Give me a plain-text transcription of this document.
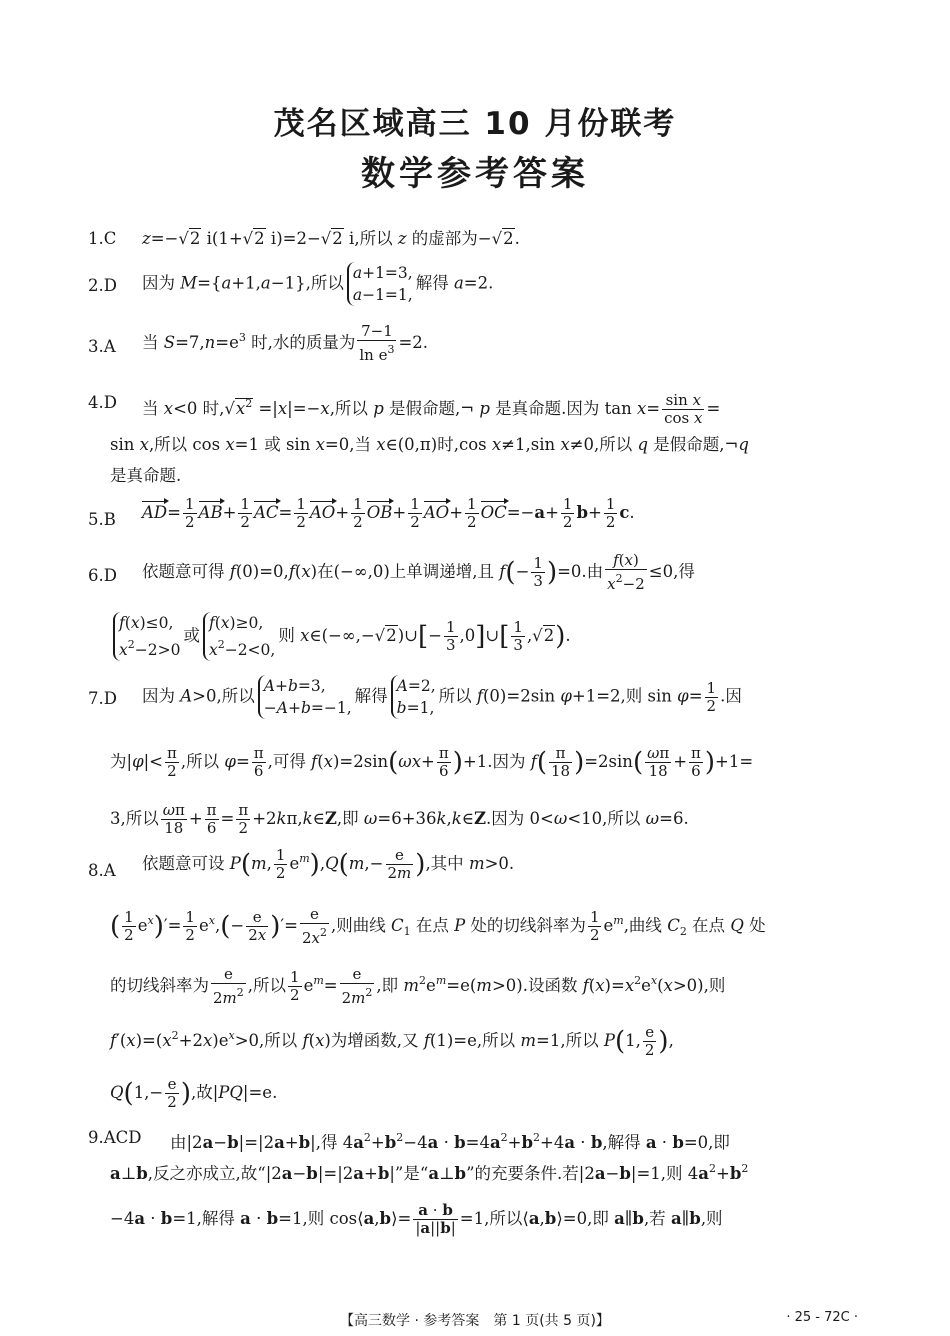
茂名区域高三 10 月份联考
数学参考答案
1.C z=−√2 i(1+√2 i)=2−√2 i,所以 z 的虚部为−√2.
2.D 因为 M={a+1,a−1},所以
a+1=3,
a−1=1,
解得 a=2.
3.A 当 $S=7,n=e^3$ 时,水的质量为 $\frac{7-1}{\ln e^3} =2$.
4.D 当 x<0 时$,√x^2 =|x|=-x$,所以 p 是假命题,¬ p 是真命题.因为 $\tan x= \frac{\text{sin x}}{\text{cos x}}$ =
sin x,所以 cos x=1 或 sin x=0,当 x∈(0,π)时,cos x≠1,sin x≠0,所以 q 是假命题,¬q
是真命题.
5.B $AD= \frac{1}{2} AB+ \frac{1}{2} AC= \frac{1}{2} AO+ \frac{1}{2} OB+ \frac{1}{2} AO+ \frac{1}{2} OC=-a+ \frac{1}{2} b+ \frac{1}{2} c$.
6.D 依题意可得 f(0)=0,f(x)在(−∞,0)上单调递增,且 $f(- \frac{1}{3} )=0$.由 $\frac{f(x)}{x^2-2} \le 0$,得
f(x)≤0,
$x^2-2>0$
或
f(x)≥0,
$x^2-2<0$,
则 x∈(−∞,−√2)∪[− $\frac{1}{3}$ ,0]∪[ $\frac{1}{3} ,√2$).
7.D 因为 A>0,所以
A+b=3,
−A+b=−1,
解得
A=2,
b=1,
所以 f(0)=2sin φ+1=2,则 $\sin \varphi= \frac{1}{2}$ .因
为$|\varphi|< \frac{\pi}{2}$ ,所以 $\varphi= \frac{\pi}{6}$ ,可得 $f(x)=2\sin(\omega x+ \frac{\pi}{6} )+1$.因为 $f( \frac{\pi}{18} )=2\sin( \frac{\omega\pi}{18} + \frac{\pi}{6} )+1=$
3,所以 $\frac{\omega\pi}{18} + \frac{\pi}{6} = \frac{\pi}{2}$ +2kπ,k∈Z,即 ω=6+36k,k∈Z.因为 0<ω<10,所以 ω=6.
8.A 依题意可设 P(m, $\frac{1}{2} e^m),Q(m,- \frac{e}{2m}$ ),其中 m>0.
( $\frac{1}{2} e^x)'= \frac{1}{2} e^x,(- \frac{e}{2x}$ )′= $\frac{e}{2x^2}$ ,则曲线 $C_1$ 在点 P 处的切线斜率为 $\frac{1}{2} e^m$,曲线 $C_2$ 在点 Q 处
的切线斜率为 $\frac{e}{2m^2}$ ,所以 $\frac{1}{2} e^m= \frac{e}{2m^2}$ ,即 $m^2e^m=e(m>0)$.设函数 $f(x)=x^2e^x(x>0)$,则
$f'(x)=(x^2+2x)e^x>0$,所以 f(x)为增函数,又 f(1)=e,所以 m=1,所以 P(1, $\frac{e}{2}$ ),
$Q(1,- \frac{e}{2}$ ),故|PQ|=e.
9.ACD 由|2a−b|=|2a+b|,得 $4a^2+b^2-4a \cdot b=4a^2+b^2+4a \cdot b$,解得 a · b=0,即
a⊥b,反之亦成立,故“|2a−b|=|2a+b|”是“a⊥b”的充要条件.若|2a−b|=1,则 $4a^2+b^2$
−4a · b=1,解得 a · b=1,则 cos⟨a,b⟩= $\frac{a \cdot b}{|a||b|} =1$,所以⟨a,b⟩=0,即 a∥b,若 a∥b,则
【高三数学 · 参考答案　第 1 页(共 5 页)】	· 25 - 72C ·
